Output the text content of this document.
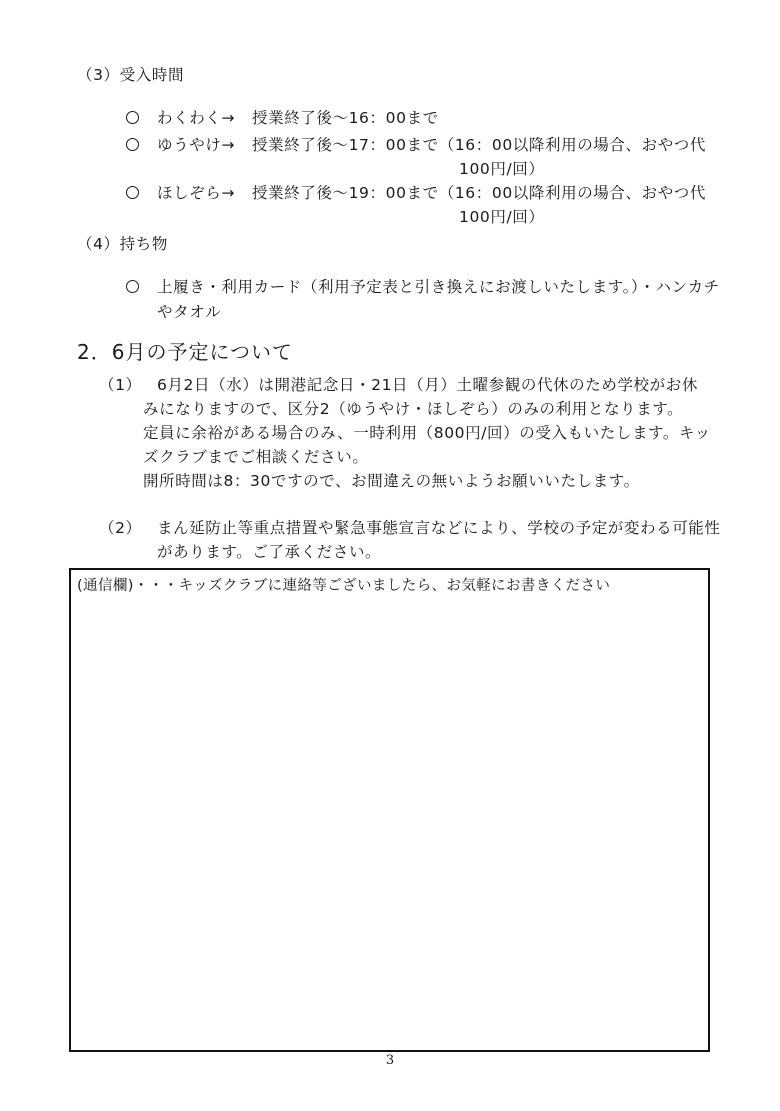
（3）受入時間
わくわく→ 授業終了後～16：00まで
ゆうやけ→ 授業終了後～17：00まで（16：00以降利用の場合、おやつ代
100円/回）
ほしぞら→ 授業終了後～19：00まで（16：00以降利用の場合、おやつ代
100円/回）
（4）持ち物
上履き・利用カード（利用予定表と引き換えにお渡しいたします。）・ハンカチ
やタオル
2．6月の予定について
（1） 6月2日（水）は開港記念日・21日（月）土曜参観の代休のため学校がお休
みになりますので、区分2（ゆうやけ・ほしぞら）のみの利用となります。
定員に余裕がある場合のみ、一時利用（800円/回）の受入もいたします。キッ
ズクラブまでご相談ください。
開所時間は8：30ですので、お間違えの無いようお願いいたします。
（2） まん延防止等重点措置や緊急事態宣言などにより、学校の予定が変わる可能性
があります。ご了承ください。
(通信欄)・・・キッズクラブに連絡等ございましたら、お気軽にお書きください
3
